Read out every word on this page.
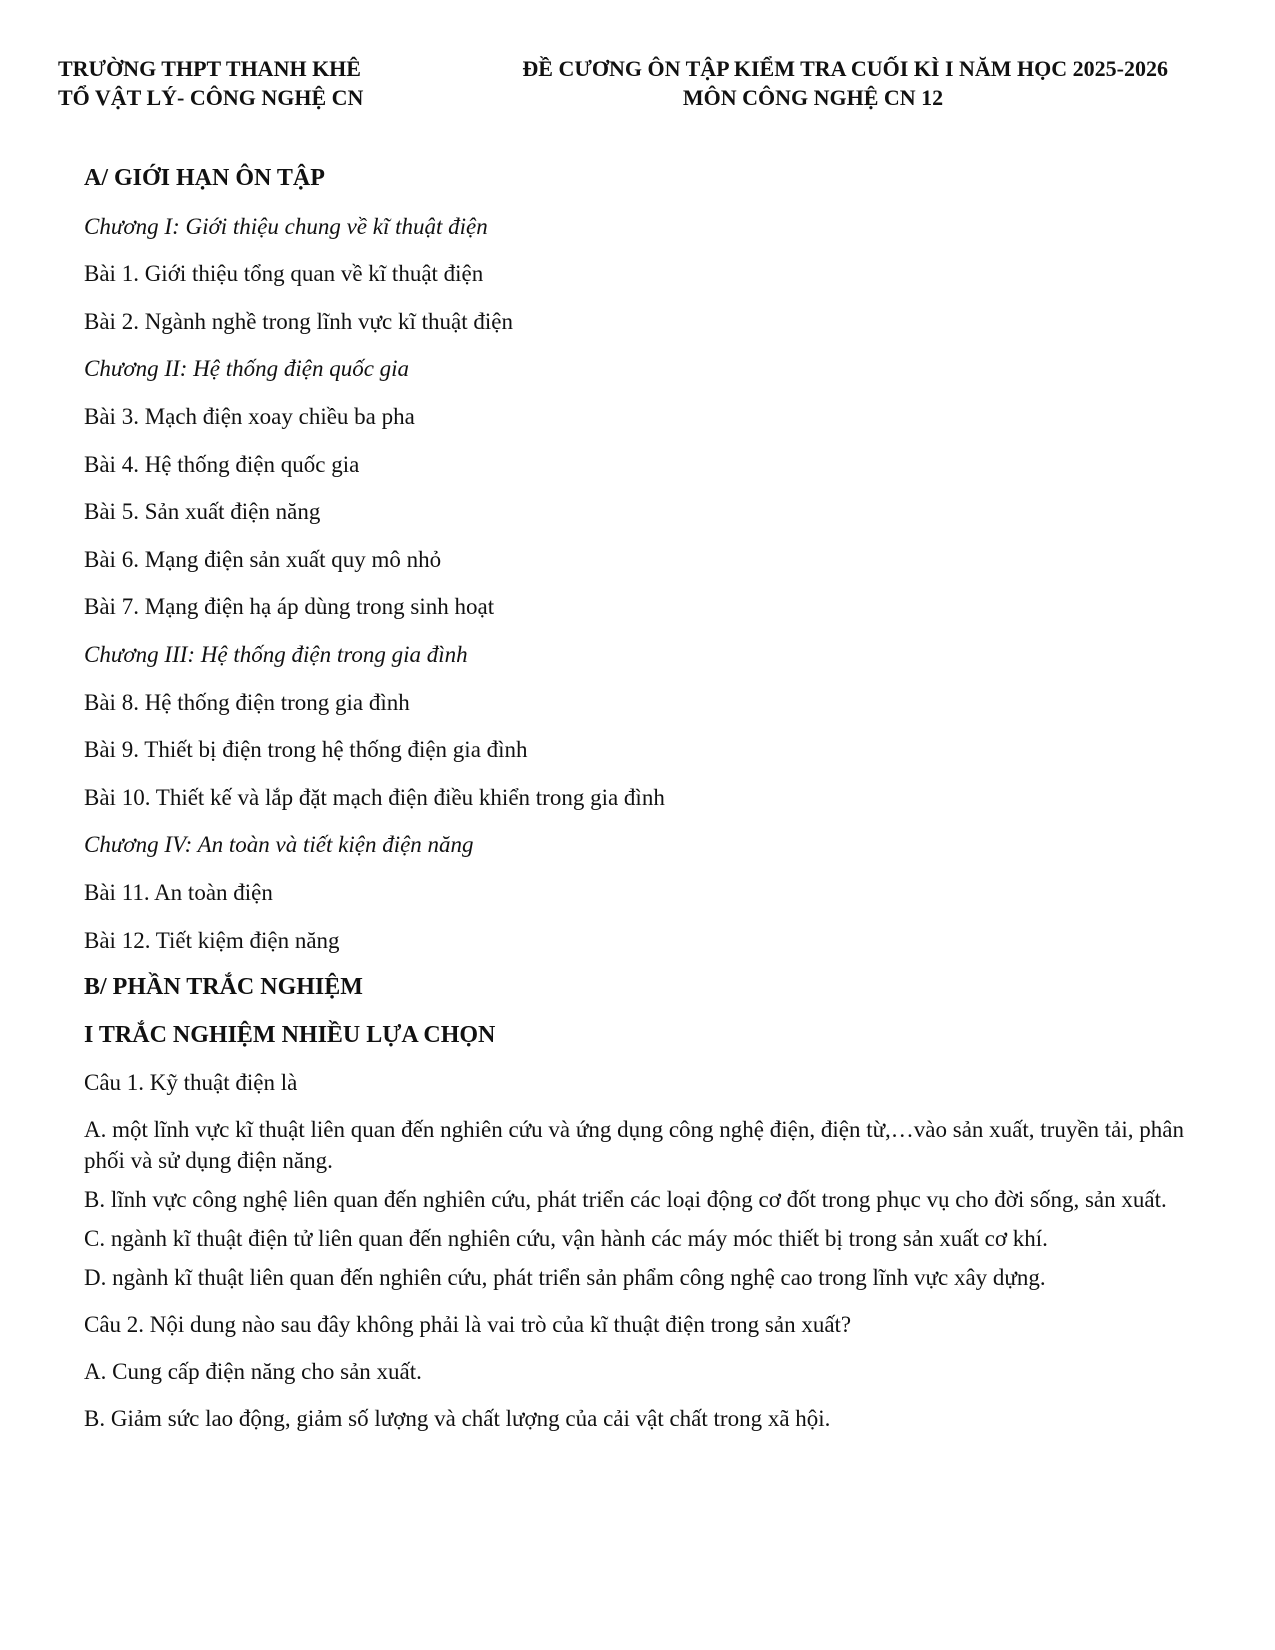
TRƯỜNG THPT THANH KHÊ
TỔ VẬT LÝ- CÔNG NGHỆ CN
ĐỀ CƯƠNG ÔN TẬP KIỂM TRA CUỐI KÌ I NĂM HỌC 2025-2026
MÔN CÔNG NGHỆ CN 12
A/ GIỚI HẠN ÔN TẬP
Chương I: Giới thiệu chung về kĩ thuật điện
Bài 1. Giới thiệu tổng quan về kĩ thuật điện
Bài 2. Ngành nghề trong lĩnh vực kĩ thuật điện
Chương II: Hệ thống điện quốc gia
Bài 3. Mạch điện xoay chiều ba pha
Bài 4. Hệ thống điện quốc gia
Bài 5. Sản xuất điện năng
Bài 6. Mạng điện sản xuất quy mô nhỏ
Bài 7. Mạng điện hạ áp dùng trong sinh hoạt
Chương III: Hệ thống điện trong gia đình
Bài 8. Hệ thống điện trong gia đình
Bài 9. Thiết bị điện trong hệ thống điện gia đình
Bài 10. Thiết kế và lắp đặt mạch điện điều khiển trong gia đình
Chương IV: An toàn và tiết kiện điện năng
Bài 11. An toàn điện
Bài 12. Tiết kiệm điện năng
B/ PHẦN TRẮC NGHIỆM
I TRẮC NGHIỆM NHIỀU LỰA CHỌN
Câu 1. Kỹ thuật điện là
A. một lĩnh vực kĩ thuật liên quan đến nghiên cứu và ứng dụng công nghệ điện, điện từ,…vào sản xuất, truyền tải, phân phối và sử dụng điện năng.
B. lĩnh vực công nghệ liên quan đến nghiên cứu, phát triển các loại động cơ đốt trong phục vụ cho đời sống, sản xuất.
C. ngành kĩ thuật điện tử liên quan đến nghiên cứu, vận hành các máy móc thiết bị trong sản xuất cơ khí.
D. ngành kĩ thuật liên quan đến nghiên cứu, phát triển sản phẩm công nghệ cao trong lĩnh vực xây dựng.
Câu 2. Nội dung nào sau đây không phải là vai trò của kĩ thuật điện trong sản xuất?
A. Cung cấp điện năng cho sản xuất.
B. Giảm sức lao động, giảm số lượng và chất lượng của cải vật chất trong xã hội.
